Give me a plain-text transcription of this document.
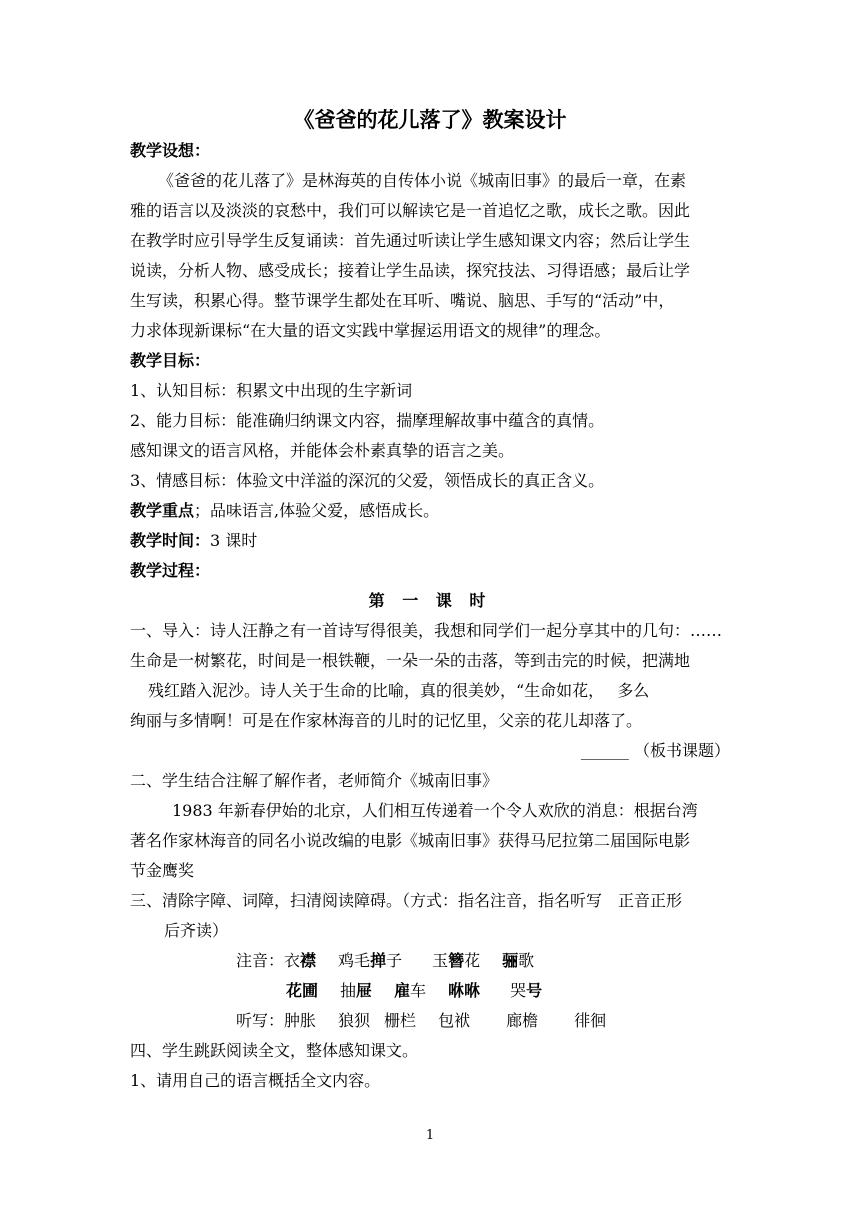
《爸爸的花儿落了》教案设计
教学设想：
《爸爸的花儿落了》是林海英的自传体小说《城南旧事》的最后一章，在素
雅的语言以及淡淡的哀愁中，我们可以解读它是一首追忆之歌，成长之歌。因此
在教学时应引导学生反复诵读：首先通过听读让学生感知课文内容；然后让学生
说读，分析人物、感受成长；接着让学生品读，探究技法、习得语感；最后让学
生写读，积累心得。整节课学生都处在耳听、嘴说、脑思、手写的“活动”中，
力求体现新课标“在大量的语文实践中掌握运用语文的规律”的理念。
教学目标：
1、认知目标：积累文中出现的生字新词
2、能力目标：能准确归纳课文内容，揣摩理解故事中蕴含的真情。
感知课文的语言风格，并能体会朴素真挚的语言之美。
3、情感目标：体验文中洋溢的深沉的父爱，领悟成长的真正含义。
教学重点；品味语言,体验父爱，感悟成长。
教学时间：3 课时
教学过程：
第 一 课 时
一、导入：诗人汪静之有一首诗写得很美，我想和同学们一起分享其中的几句：……
生命是一树繁花，时间是一根铁鞭，一朵一朵的击落，等到击完的时候，把满地
残红踏入泥沙。诗人关于生命的比喻，真的很美妙，“生命如花，　 多么
绚丽与多情啊！可是在作家林海音的儿时的记忆里，父亲的花儿却落了。
______ （板书课题）
二、学生结合注解了解作者，老师简介《城南旧事》
1983 年新春伊始的北京，人们相互传递着一个令人欢欣的消息：根据台湾
著名作家林海音的同名小说改编的电影《城南旧事》获得马尼拉第二届国际电影
节金鹰奖
三、清除字障、词障，扫清阅读障碍。（方式：指名注音，指名听写　正音正形
后齐读）
注音：衣襟 鸡毛掸子 玉簪花 骊歌
花圃 抽屉 雇车 咻咻 哭号
听写：肿胀 狼狈 栅栏 包袱 廊檐 徘徊
四、学生跳跃阅读全文，整体感知课文。
1、请用自己的语言概括全文内容。
1
